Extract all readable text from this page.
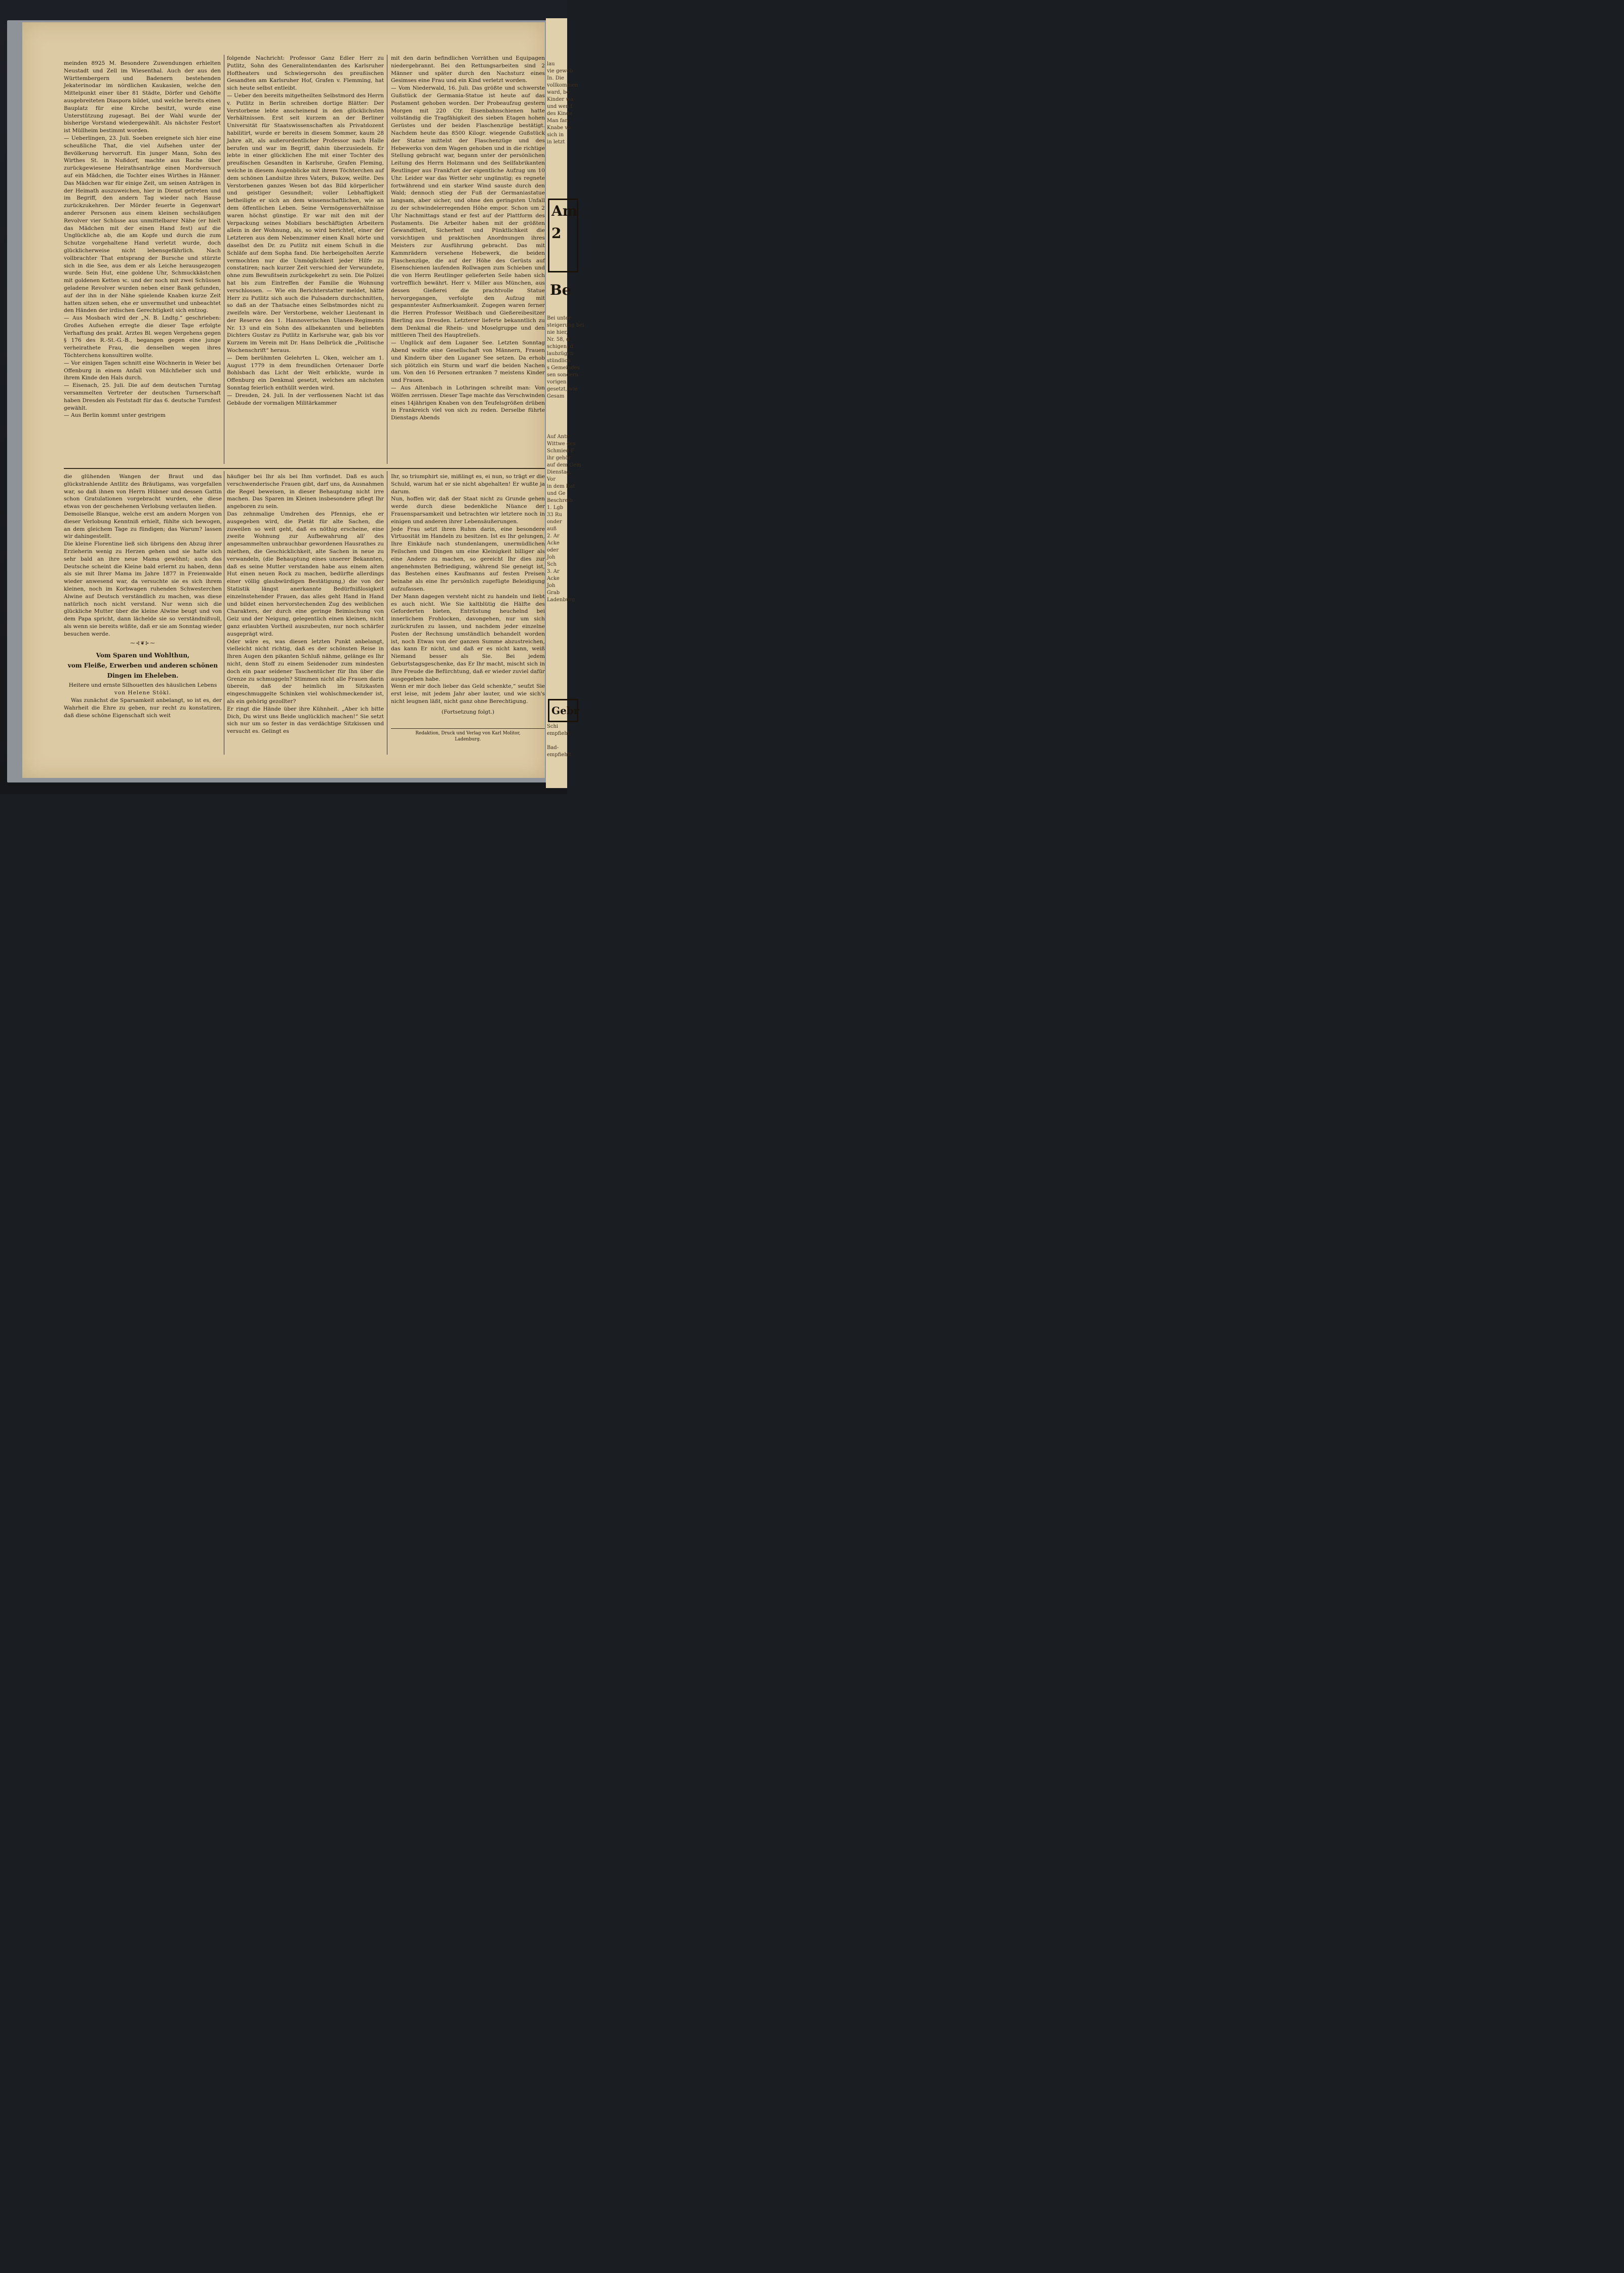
meinden 8925 M. Besondere Zuwendungen erhielten Neustadt und Zell im Wiesenthal. Auch der aus den Württembergern und Badenern bestehenden Jekaterinodar im nördlichen Kaukasien, welche den Mittelpunkt einer über 81 Städte, Dörfer und Gehöfte ausgebreiteten Diaspora bildet, und welche bereits einen Bauplatz für eine Kirche besitzt, wurde eine Unterstützung zugesagt. Bei der Wahl wurde der bisherige Vorstand wiedergewählt. Als nächster Festort ist Müllheim bestimmt worden.
— Ueberlingen, 23. Juli. Soeben ereignete sich hier eine scheußliche That, die viel Aufsehen unter der Bevölkerung hervorruft. Ein junger Mann, Sohn des Wirthes St. in Nußdorf, machte aus Rache über zurückgewiesene Heirathsanträge einen Mordversuch auf ein Mädchen, die Tochter eines Wirthes in Hänner. Das Mädchen war für einige Zeit, um seinen Anträgen in der Heimath auszuweichen, hier in Dienst getreten und im Begriff, den andern Tag wieder nach Hause zurückzukehren. Der Mörder feuerte in Gegenwart anderer Personen aus einem kleinen sechsläufigen Revolver vier Schüsse aus unmittelbarer Nähe (er hielt das Mädchen mit der einen Hand fest) auf die Unglückliche ab, die am Kopfe und durch die zum Schutze vorgehaltene Hand verletzt wurde, doch glücklicherweise nicht lebensgefährlich. Nach vollbrachter That entsprang der Bursche und stürzte sich in die See, aus dem er als Leiche herausgezogen wurde. Sein Hut, eine goldene Uhr, Schmuckkästchen mit goldenen Ketten ꝛc. und der noch mit zwei Schüssen geladene Revolver wurden neben einer Bank gefunden, auf der ihn in der Nähe spielende Knaben kurze Zeit hatten sitzen sehen, ehe er unvermuthet und unbeachtet den Händen der irdischen Gerechtigkeit sich entzog.
— Aus Mosbach wird der „N. B. Lndtg.“ geschrieben: Großes Aufsehen erregte die dieser Tage erfolgte Verhaftung des prakt. Arztes Bl. wegen Vergehens gegen § 176 des R.-St.-G.-B., begangen gegen eine junge verheirathete Frau, die denselben wegen ihres Töchterchens konsultiren wollte.
— Vor einigen Tagen schnitt eine Wöchnerin in Weier bei Offenburg in einem Anfall von Milchfieber sich und ihrem Kinde den Hals durch.
— Eisenach, 25. Juli. Die auf dem deutschen Turntag versammelten Vertreter der deutschen Turnerschaft haben Dresden als Feststadt für das 6. deutsche Turnfest gewählt.
— Aus Berlin kommt unter gestrigem
folgende Nachricht: Professor Ganz Edler Herr zu Putlitz, Sohn des Generalintendanten des Karlsruher Hoftheaters und Schwiegersohn des preußischen Gesandten am Karlsruher Hof, Grafen v. Flemming, hat sich heute selbst entleibt.
— Ueber den bereits mitgetheilten Selbstmord des Herrn v. Putlitz in Berlin schreiben dortige Blätter: Der Verstorbene lebte anscheinend in den glücklichsten Verhältnissen. Erst seit kurzem an der Berliner Universität für Staatswissenschaften als Privatdozent habilitirt, wurde er bereits in diesem Sommer, kaum 28 Jahre alt, als außerordentlicher Professor nach Halle berufen und war im Begriff, dahin überzusiedeln. Er lebte in einer glücklichen Ehe mit einer Tochter des preußischen Gesandten in Karlsruhe, Grafen Fleming, welche in diesem Augenblicke mit ihrem Töchterchen auf dem schönen Landsitze ihres Vaters, Bukow, weilte. Des Verstorbenen ganzes Wesen bot das Bild körperlicher und geistiger Gesundheit; voller Lebhaftigkeit betheiligte er sich an dem wissenschaftlichen, wie an dem öffentlichen Leben. Seine Vermögensverhältnisse waren höchst günstige. Er war mit den mit der Verpackung seines Mobiliars beschäftigten Arbeitern allein in der Wohnung, als, so wird berichtet, einer der Letzteren aus dem Nebenzimmer einen Knall hörte und daselbst den Dr. zu Putlitz mit einem Schuß in die Schläfe auf dem Sopha fand. Die herbeigeholten Aerzte vermochten nur die Unmöglichkeit jeder Hilfe zu constatiren; nach kurzer Zeit verschied der Verwundete, ohne zum Bewußtsein zurückgekehrt zu sein. Die Polizei hat bis zum Eintreffen der Familie die Wohnung verschlossen. — Wie ein Berichterstatter meldet, hätte Herr zu Putlitz sich auch die Pulsadern durchschnitten, so daß an der Thatsache eines Selbstmordes nicht zu zweifeln wäre. Der Verstorbene, welcher Lieutenant in der Reserve des 1. Hannoverischen Ulanen-Regiments Nr. 13 und ein Sohn des allbekannten und beliebten Dichters Gustav zu Putlitz in Karlsruhe war, gab bis vor Kurzem im Verein mit Dr. Hans Delbrück die „Politische Wochenschrift“ heraus.
— Dem berühmten Gelehrten L. Oken, welcher am 1. August 1779 in dem freundlichen Ortenauer Dorfe Bohlsbach das Licht der Welt erblickte, wurde in Offenburg ein Denkmal gesetzt, welches am nächsten Sonntag feierlich enthüllt werden wird.
— Dresden, 24. Juli. In der verflossenen Nacht ist das Gebäude der vormaligen Militärkammer
mit den darin befindlichen Vorräthen und Equipagen niedergebrannt. Bei den Rettungsarbeiten sind 2 Männer und später durch den Nachsturz eines Gesimses eine Frau und ein Kind verletzt worden.
— Vom Niederwald, 16. Juli. Das größte und schwerste Gußstück der Germania-Statue ist heute auf das Postament gehoben worden. Der Probeaufzug gestern Morgen mit 220 Ctr. Eisenbahnschienen hatte vollständig die Tragfähigkeit des sieben Etagen hohen Gerüstes und der beiden Flaschenzüge bestätigt. Nachdem heute das 8500 Kilogr. wiegende Gußstück der Statue mittelst der Flaschenzüge und des Hebewerks von dem Wagen gehoben und in die richtige Stellung gebracht war, begann unter der persönlichen Leitung des Herrn Holzmann und des Seilfabrikanten Reutlinger aus Frankfurt der eigentliche Aufzug um 10 Uhr. Leider war das Wetter sehr ungünstig; es regnete fortwährend und ein starker Wind sauste durch den Wald; dennoch stieg der Fuß der Germaniastatue langsam, aber sicher, und ohne den geringsten Unfall zu der schwindelerregenden Höhe empor. Schon um 2 Uhr Nachmittags stand er fest auf der Plattform des Postaments. Die Arbeiter haben mit der größten Gewandtheit, Sicherheit und Pünktlichkeit die vorsichtigen und praktischen Anordnungen ihres Meisters zur Ausführung gebracht. Das mit Kammrädern versehene Hebewerk, die beiden Flaschenzüge, die auf der Höhe des Gerüsts auf Eisenschienen laufenden Rollwagen zum Schieben und die von Herrn Reutlinger gelieferten Seile haben sich vortrefflich bewährt. Herr v. Miller aus München, aus dessen Gießerei die prachtvolle Statue hervorgegangen, verfolgte den Aufzug mit gespanntester Aufmerksamkeit. Zugegen waren ferner die Herren Professor Weißbach und Gießereibesitzer Bierling aus Dresden. Letzterer lieferte bekanntlich zu dem Denkmal die Rhein- und Moselgruppe und den mittleren Theil des Hauptreliefs.
— Unglück auf dem Luganer See. Letzten Sonntag Abend wollte eine Gesellschaft von Männern, Frauen und Kindern über den Luganer See setzen. Da erhob sich plötzlich ein Sturm und warf die beiden Nachen um. Von den 16 Personen ertranken 7 meistens Kinder und Frauen.
— Aus Altenbach in Lothringen schreibt man: Von Wölfen zerrissen. Dieser Tage machte das Verschwinden eines 14jährigen Knaben von den Teufelsgrößen drüben in Frankreich viel von sich zu reden. Derselbe führte Dienstags Abends

die glühenden Wangen der Braut und das glückstrahlende Antlitz des Bräutigams, was vorgefallen war, so daß ihnen von Herrn Hübner und dessen Gattin schon Gratulationen vorgebracht wurden, ehe diese etwas von der geschehenen Verlobung verlauten ließen.
Demoiselle Blanque, welche erst am andern Morgen von dieser Verlobung Kenntniß erhielt, fühlte sich bewogen, an dem gleichem Tage zu fündigen; das Warum? lassen wir dahingestellt.
Die kleine Florentine ließ sich übrigens den Abzug ihrer Erzieherin wenig zu Herzen gehen und sie hatte sich sehr bald an ihre neue Mama gewöhnt; auch das Deutsche scheint die Kleine bald erlernt zu haben, denn als sie mit Ihrer Mama im Jahre 1877 in Freienwalde wieder anwesend war, da versuchte sie es sich ihrem kleinen, noch im Korbwagen ruhenden Schwesterchen Alwine auf Deutsch verständlich zu machen, was diese natürlich noch nicht verstand. Nur wenn sich die glückliche Mutter über die kleine Alwine beugt und von dem Papa spricht, dann lächelde sie so verständnißvoll, als wenn sie bereits wüßte, daß er sie am Sonntag wieder besuchen werde.

⁓⊰❦⊱⁓
Vom Sparen und Wohlthun,
vom Fleiße, Erwerben und anderen schönen
Dingen im Eheleben.
Heitere und ernste Silhouetten des häuslichen Lebens
von Helene Stökl.

Was zunächst die Sparsamkeit anbelangt, so ist es, der Wahrheit die Ehre zu geben, nur recht zu konstatiren, daß diese schöne Eigenschaft sich weit

häufiger bei Ihr als bei Ihm vorfindet. Daß es auch verschwenderische Frauen gibt, darf uns, da Ausnahmen die Regel beweisen, in dieser Behauptung nicht irre machen. Das Sparen im Kleinen insbesondere pflegt Ihr angeboren zu sein.
Das zehnmalige Umdrehen des Pfennigs, ehe er ausgegeben wird, die Pietät für alte Sachen, die zuweilen so weit geht, daß es nöthig erscheine, eine zweite Wohnung zur Aufbewahrung all' des angesammelten unbrauchbar gewordenen Hausrathes zu miethen, die Geschicklichkeit, alte Sachen in neue zu verwandeln, (die Behauptung eines unserer Bekannten, daß es seine Mutter verstanden habe aus einem alten Hut einen neuen Rock zu machen, bedürfte allerdings einer völlig glaubwürdigen Bestätigung,) die von der Statistik längst anerkannte Bedürfnißlosigkeit einzelnstehender Frauen, das alles geht Hand in Hand und bildet einen hervorstechenden Zug des weiblichen Charakters, der durch eine geringe Beimischung von Geiz und der Neigung, gelegentlich einen kleinen, nicht ganz erlaubten Vortheil auszubeuten, nur noch schärfer ausgeprägt wird.
Oder wäre es, was diesen letzten Punkt anbelangt, vielleicht nicht richtig, daß es der schönsten Reise in Ihren Augen den pikanten Schluß nähme, gelänge es Ihr nicht, denn Stoff zu einem Seidenoder zum mindesten doch ein paar seidener Taschentücher für Ihn über die Grenze zu schmuggeln? Stimmen nicht alle Frauen darin überein, daß der heimlich im Sitzkasten eingeschmuggelte Schinken viel wohlschmeckender ist, als ein gehörig gezollter?
Er ringt die Hände über ihre Kühnheit. „Aber ich bitte Dich, Du wirst uns Beide unglücklich machen!“ Sie setzt sich nur um so fester in das verdächtige Sitzkissen und versucht es. Gelingt es

Ihr, so triumphirt sie, mißlingt es, ei nun, so trägt er die Schuld, warum hat er sie nicht abgehalten! Er wußte ja darum.
Nun, hoffen wir, daß der Staat nicht zu Grunde gehen werde durch diese bedenkliche Nüance der Frauensparsamkeit und betrachten wir letztere noch in einigen und anderen ihrer Lebensäußerungen.
Jede Frau setzt ihren Ruhm darin, eine besondere Virtuosität im Handeln zu besitzen. Ist es Ihr gelungen, Ihre Einkäufe nach stundenlangem, unermüdlichen Feilschen und Dingen um eine Kleinigkeit billiger als eine Andere zu machen, so gereicht Ihr dies zur angenehmsten Befriedigung, während Sie geneigt ist, das Bestehen eines Kaufmanns auf festen Preisen beinahe als eine Ihr persönlich zugefügte Beleidigung aufzufassen.
Der Mann dagegen versteht nicht zu handeln und liebt es auch nicht. Wie Sie kaltblütig die Hälfte des Geforderten bieten, Entrüstung heuchelnd bei innerlichem Frohlocken, davongehen, nur um sich zurückrufen zu lassen, und nachdem jeder einzelne Posten der Rechnung umständlich behandelt worden ist, noch Etwas von der ganzen Summe abzustreichen, das kann Er nicht, und daß er es nicht kann, weiß Niemand besser als Sie. Bei jedem Geburtstagsgeschenke, das Er Ihr macht, mischt sich in Ihre Freude die Befürchtung, daß er wieder zuviel dafür ausgegeben habe.
Wenn er mir doch lieber das Geld schenkte,“ seufzt Sie erst leise, mit jedem Jahr aber lauter, und wie sich's nicht leugnen läßt, nicht ganz ohne Berechtigung.

(Fortsetzung folgt.)
Redaktion, Druck und Verlag von Karl Molitor,
Ladenburg.
lau
vie gewob
In. Die
vollkommen
ward, be
Kinder wa
und wen f
des Kinde
Man fan
Knabe vo
sich in
in letzt
Am
2
Be
Bei unter
steigerung bei
nie hier,
Nr. 58, d
schigen, d
laubzügen
stündlich
s Gemeindes
sen sondern
vorigen
gesetzt, wie
Gesam
Auf Antr
Wittwe des
Schmied F
ihr gehör
auf dem Gem
Dienstag,
Vor
in dem Rat
und Ge
Beschreib
1. Lgb
33 Ru
onder
auß
2. Ar
Acke
oder
Joh
Sch
3. Ar
Acke
Joh
Grab
Ladenburg
Gebr
Schi
empfiehl

Bad-
empfiehlt
